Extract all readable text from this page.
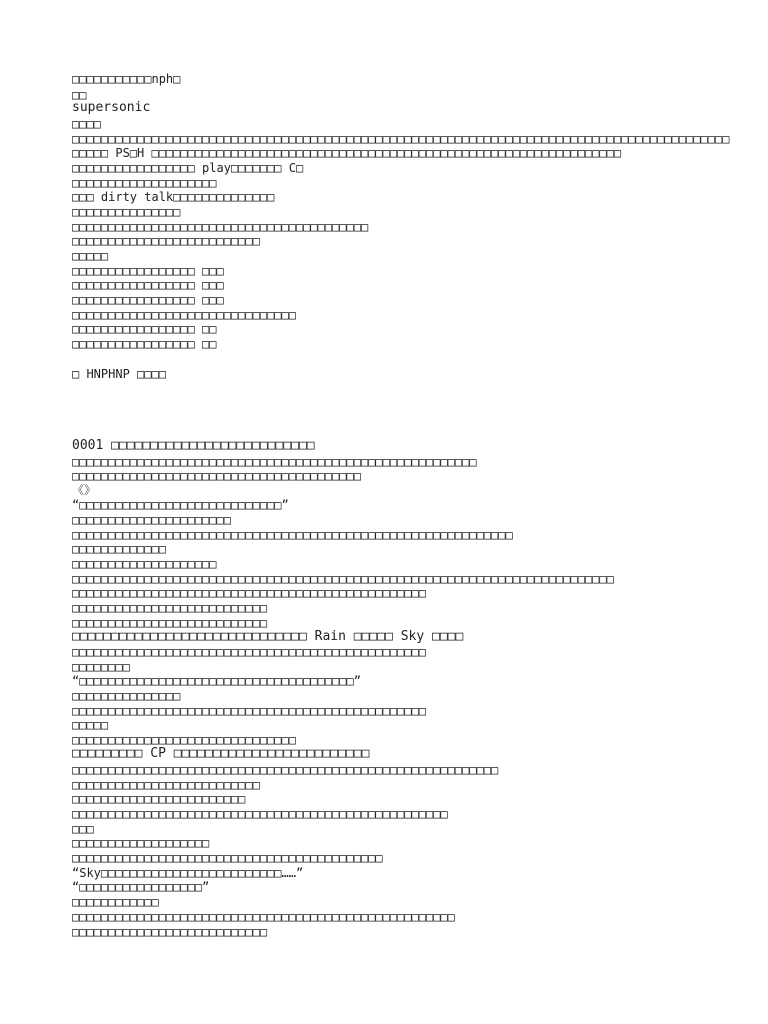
□□□□□□□□□□□nph□

□□

supersonic

□□□□

□□□□□□□□□□□□□□□□□□□□□□□□□□□□□□□□□□□□□□□□□□□□□□□□□□□□□□□□□□□□□□□□□□□□□□□□□□□□□□□□□□□□□□□□□□□

□□□□□ PS□H □□□□□□□□□□□□□□□□□□□□□□□□□□□□□□□□□□□□□□□□□□□□□□□□□□□□□□□□□□□□□□□□□

□□□□□□□□□□□□□□□□□ play□□□□□□□ C□

□□□□□□□□□□□□□□□□□□□□

□□□ dirty talk□□□□□□□□□□□□□□

□□□□□□□□□□□□□□□

□□□□□□□□□□□□□□□□□□□□□□□□□□□□□□□□□□□□□□□□□

□□□□□□□□□□□□□□□□□□□□□□□□□□

□□□□□

□□□□□□□□□□□□□□□□□ □□□

□□□□□□□□□□□□□□□□□ □□□

□□□□□□□□□□□□□□□□□ □□□

□□□□□□□□□□□□□□□□□□□□□□□□□□□□□□□

□□□□□□□□□□□□□□□□□ □□

□□□□□□□□□□□□□□□□□ □□

□ HNPHNP □□□□

0001 □□□□□□□□□□□□□□□□□□□□□□□□□□

□□□□□□□□□□□□□□□□□□□□□□□□□□□□□□□□□□□□□□□□□□□□□□□□□□□□□□□□

□□□□□□□□□□□□□□□□□□□□□□□□□□□□□□□□□□□□□□□□

《》

“□□□□□□□□□□□□□□□□□□□□□□□□□□□□”

□□□□□□□□□□□□□□□□□□□□□□

□□□□□□□□□□□□□□□□□□□□□□□□□□□□□□□□□□□□□□□□□□□□□□□□□□□□□□□□□□□□□

□□□□□□□□□□□□□

□□□□□□□□□□□□□□□□□□□□

□□□□□□□□□□□□□□□□□□□□□□□□□□□□□□□□□□□□□□□□□□□□□□□□□□□□□□□□□□□□□□□□□□□□□□□□□□□

□□□□□□□□□□□□□□□□□□□□□□□□□□□□□□□□□□□□□□□□□□□□□□□□□

□□□□□□□□□□□□□□□□□□□□□□□□□□□

□□□□□□□□□□□□□□□□□□□□□□□□□□□

□□□□□□□□□□□□□□□□□□□□□□□□□□□□□□ Rain □□□□□ Sky □□□□

□□□□□□□□□□□□□□□□□□□□□□□□□□□□□□□□□□□□□□□□□□□□□□□□□

□□□□□□□□

“□□□□□□□□□□□□□□□□□□□□□□□□□□□□□□□□□□□□□□”

□□□□□□□□□□□□□□□

□□□□□□□□□□□□□□□□□□□□□□□□□□□□□□□□□□□□□□□□□□□□□□□□□

□□□□□

□□□□□□□□□□□□□□□□□□□□□□□□□□□□□□□

□□□□□□□□□ CP □□□□□□□□□□□□□□□□□□□□□□□□□

□□□□□□□□□□□□□□□□□□□□□□□□□□□□□□□□□□□□□□□□□□□□□□□□□□□□□□□□□□□

□□□□□□□□□□□□□□□□□□□□□□□□□□

□□□□□□□□□□□□□□□□□□□□□□□□

□□□□□□□□□□□□□□□□□□□□□□□□□□□□□□□□□□□□□□□□□□□□□□□□□□□□

□□□

□□□□□□□□□□□□□□□□□□□

□□□□□□□□□□□□□□□□□□□□□□□□□□□□□□□□□□□□□□□□□□□

“Sky□□□□□□□□□□□□□□□□□□□□□□□□□……”

“□□□□□□□□□□□□□□□□□”

□□□□□□□□□□□□

□□□□□□□□□□□□□□□□□□□□□□□□□□□□□□□□□□□□□□□□□□□□□□□□□□□□□

□□□□□□□□□□□□□□□□□□□□□□□□□□□
